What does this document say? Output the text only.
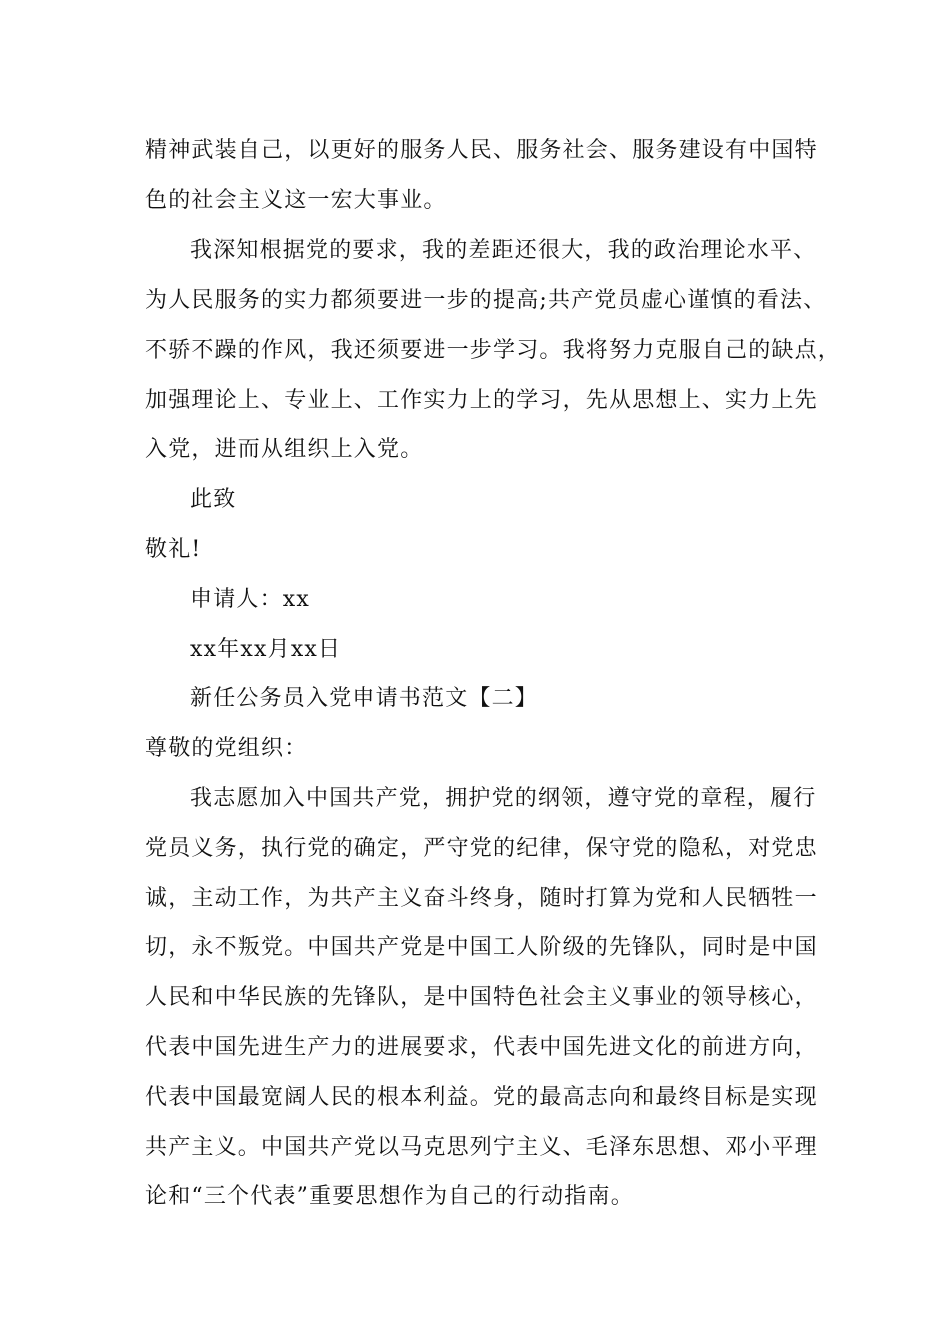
精神武装自己，以更好的服务人民、服务社会、服务建设有中国特
色的社会主义这一宏大事业。
我深知根据党的要求，我的差距还很大，我的政治理论水平、
为人民服务的实力都须要进一步的提高;共产党员虚心谨慎的看法、
不骄不躁的作风，我还须要进一步学习。我将努力克服自己的缺点，
加强理论上、专业上、工作实力上的学习，先从思想上、实力上先
入党，进而从组织上入党。
此致
敬礼!
申请人：xx
xx年xx月xx日
新任公务员入党申请书范文【二】
尊敬的党组织：
我志愿加入中国共产党，拥护党的纲领，遵守党的章程，履行
党员义务，执行党的确定，严守党的纪律，保守党的隐私，对党忠
诚，主动工作，为共产主义奋斗终身，随时打算为党和人民牺牲一
切，永不叛党。中国共产党是中国工人阶级的先锋队，同时是中国
人民和中华民族的先锋队，是中国特色社会主义事业的领导核心，
代表中国先进生产力的进展要求，代表中国先进文化的前进方向，
代表中国最宽阔人民的根本利益。党的最高志向和最终目标是实现
共产主义。中国共产党以马克思列宁主义、毛泽东思想、邓小平理
论和“三个代表”重要思想作为自己的行动指南。
